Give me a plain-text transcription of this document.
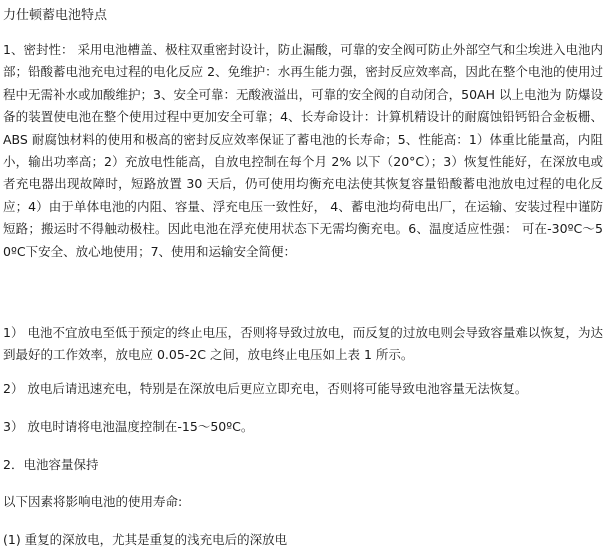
力仕顿蓄电池特点
1、密封性： 采用电池槽盖、极柱双重密封设计，防止漏酸，可靠的安全阀可防止外部空气和尘埃进入电池内部；铅酸蓄电池充电过程的电化反应 2、免维护：水再生能力强，密封反应效率高，因此在整个电池的使用过程中无需补水或加酸维护；3、安全可靠：无酸液溢出，可靠的安全阀的自动闭合，50AH 以上电池为 防爆设备的装置使电池在整个使用过程中更加安全可靠；4、长寿命设计：计算机精设计的耐腐蚀铅钙铅合金板栅、ABS 耐腐蚀材料的使用和极高的密封反应效率保证了蓄电池的长寿命；5、性能高：1）体重比能量高，内阻小，输出功率高；2）充放电性能高，自放电控制在每个月 2% 以下（20°C）；3）恢复性能好，在深放电或者充电器出现故障时，短路放置 30 天后，仍可使用均衡充电法使其恢复容量铅酸蓄电池放电过程的电化反应；4）由于单体电池的内阻、容量、浮充电压一致性好， 4、蓄电池均荷电出厂，在运输、安装过程中谨防短路；搬运时不得触动极柱。因此电池在浮充使用状态下无需均衡充电。6、温度适应性强： 可在-30ºC～50ºC下安全、放心地使用；7、使用和运输安全简便：
1） 电池不宜放电至低于预定的终止电压，否则将导致过放电，而反复的过放电则会导致容量难以恢复，为达到最好的工作效率，放电应 0.05-2C 之间，放电终止电压如上表 1 所示。
2） 放电后请迅速充电，特别是在深放电后更应立即充电，否则将可能导致电池容量无法恢复。
3） 放电时请将电池温度控制在-15～50ºC。
2．电池容量保持
以下因素将影响电池的使用寿命:
(1) 重复的深放电，尤其是重复的浅充电后的深放电
